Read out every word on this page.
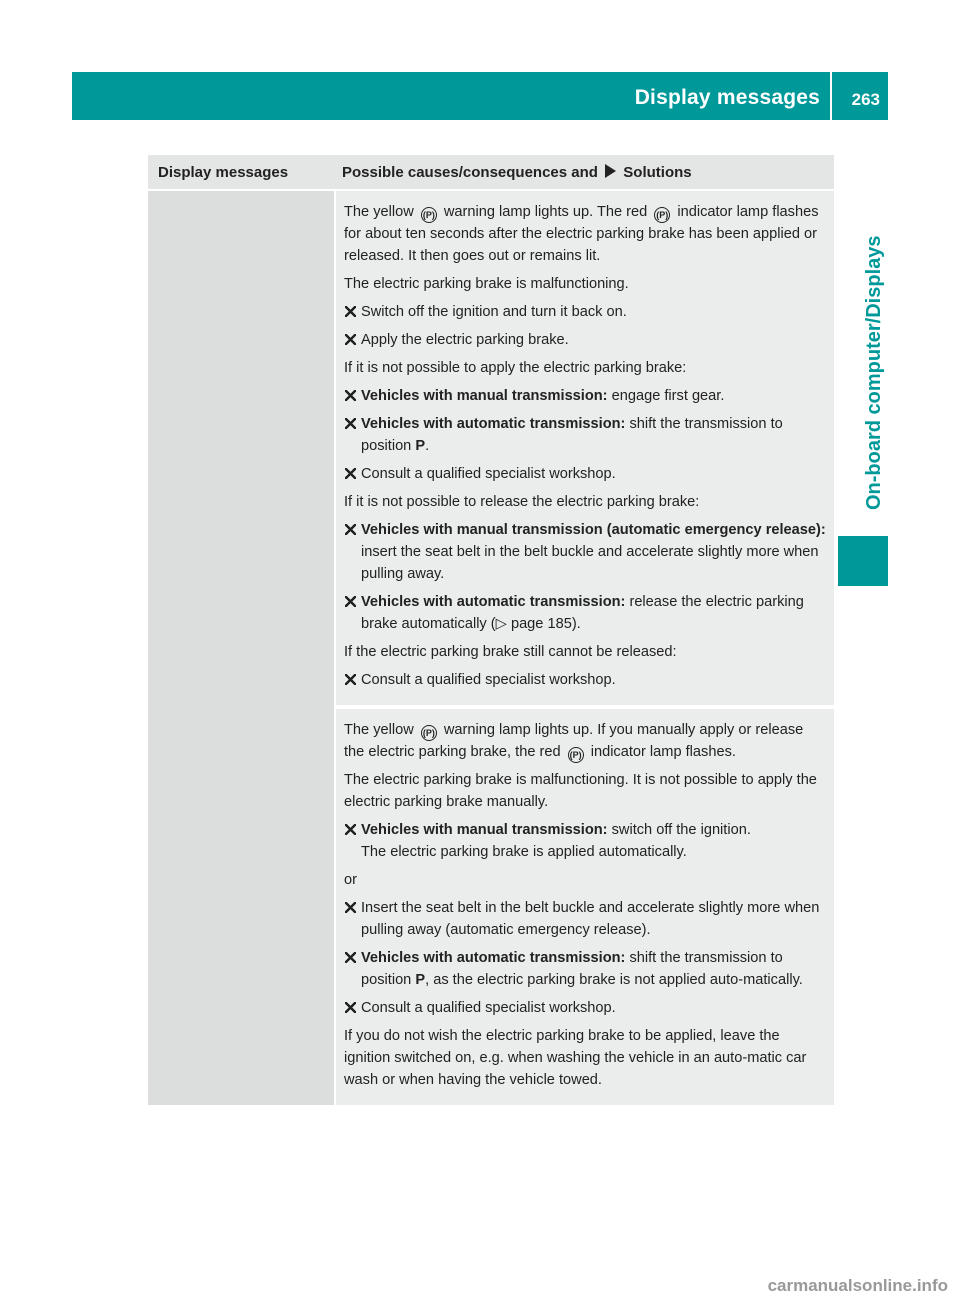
Display messages 263
On-board computer/Displays
Display messages	Possible causes/consequences and Solutions

The yellow (P) warning lamp lights up. The red (P) indicator lamp flashes for about ten seconds after the electric parking brake has been applied or released. It then goes out or remains lit.

The electric parking brake is malfunctioning.

Switch off the ignition and turn it back on.
Apply the electric parking brake.

If it is not possible to apply the electric parking brake:

Vehicles with manual transmission: engage first gear.
Vehicles with automatic transmission: shift the transmission to position P.
Consult a qualified specialist workshop.

If it is not possible to release the electric parking brake:

Vehicles with manual transmission (automatic emergency release): insert the seat belt in the belt buckle and accelerate slightly more when pulling away.
Vehicles with automatic transmission: release the electric parking brake automatically (▷ page 185).

If the electric parking brake still cannot be released:

Consult a qualified specialist workshop.

The yellow (P) warning lamp lights up. If you manually apply or release the electric parking brake, the red (P) indicator lamp flashes.

The electric parking brake is malfunctioning. It is not possible to apply the electric parking brake manually.

Vehicles with manual transmission: switch off the ignition.
The electric parking brake is applied automatically.

or

Insert the seat belt in the belt buckle and accelerate slightly more when pulling away (automatic emergency release).
Vehicles with automatic transmission: shift the transmission to position P, as the electric parking brake is not applied auto-matically.
Consult a qualified specialist workshop.

If you do not wish the electric parking brake to be applied, leave the ignition switched on, e.g. when washing the vehicle in an auto-matic car wash or when having the vehicle towed.

carmanualsonline.info
